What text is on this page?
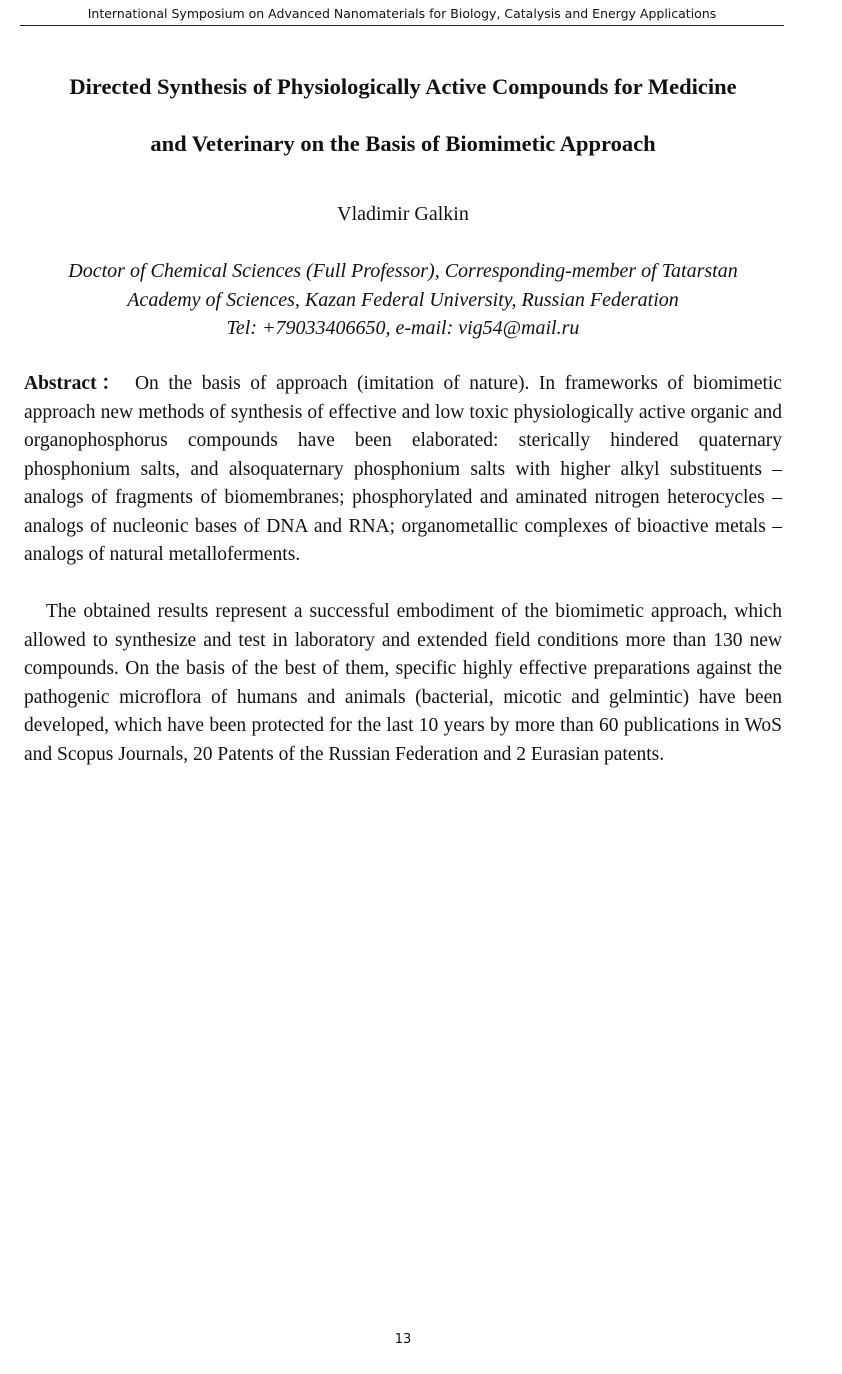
International Symposium on Advanced Nanomaterials for Biology, Catalysis and Energy Applications
Directed Synthesis of Physiologically Active Compounds for Medicine
and Veterinary on the Basis of Biomimetic Approach
Vladimir Galkin
Doctor of Chemical Sciences (Full Professor), Corresponding-member of Tatarstan
Academy of Sciences, Kazan Federal University, Russian Federation
Tel: +79033406650, e-mail: vig54@mail.ru

Abstract： On the basis of approach (imitation of nature). In frameworks of biomimetic approach new methods of synthesis of effective and low toxic physiologically active organic and organophosphorus compounds have been elaborated: sterically hindered quaternary phosphonium salts, and alsoquaternary phosphonium salts with higher alkyl substituents – analogs of fragments of biomembranes; phosphorylated and aminated nitrogen heterocycles – analogs of nucleonic bases of DNA and RNA; organometallic complexes of bioactive metals – analogs of natural metalloferments.

The obtained results represent a successful embodiment of the biomimetic approach, which allowed to synthesize and test in laboratory and extended field conditions more than 130 new compounds. On the basis of the best of them, specific highly effective preparations against the pathogenic microflora of humans and animals (bacterial, micotic and gelmintic) have been developed, which have been protected for the last 10 years by more than 60 publications in WoS and Scopus Journals, 20 Patents of the Russian Federation and 2 Eurasian patents.

13
